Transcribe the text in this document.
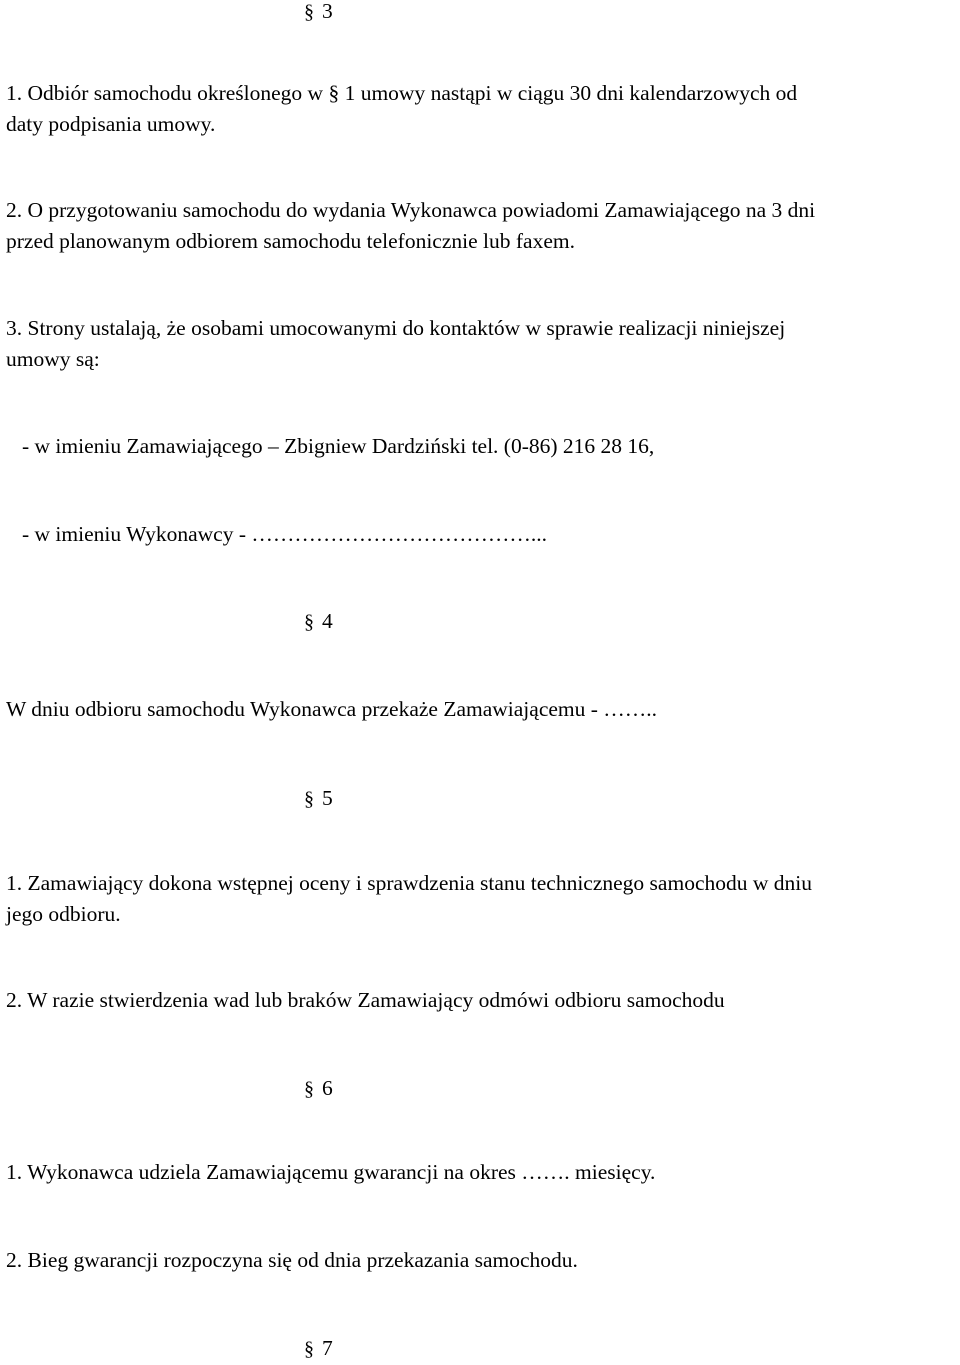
§ 3
1. Odbiór samochodu określonego w § 1 umowy nastąpi w ciągu 30 dni kalendarzowych od
daty podpisania umowy.
2. O przygotowaniu samochodu do wydania Wykonawca powiadomi Zamawiającego na 3 dni
przed planowanym odbiorem samochodu telefonicznie lub faxem.
3. Strony ustalają, że osobami umocowanymi do kontaktów w sprawie realizacji niniejszej
umowy są:
- w imieniu Zamawiającego – Zbigniew Dardziński tel. (0-86) 216 28 16,
- w imieniu Wykonawcy - …………………………………...
§ 4
W dniu odbioru samochodu Wykonawca przekaże Zamawiającemu - ……..
§ 5
1. Zamawiający dokona wstępnej oceny i sprawdzenia stanu technicznego samochodu w dniu
jego odbioru.
2. W razie stwierdzenia wad lub braków Zamawiający odmówi odbioru samochodu
§ 6
1. Wykonawca udziela Zamawiającemu gwarancji na okres ……. miesięcy.
2. Bieg gwarancji rozpoczyna się od dnia przekazania samochodu.
§ 7
